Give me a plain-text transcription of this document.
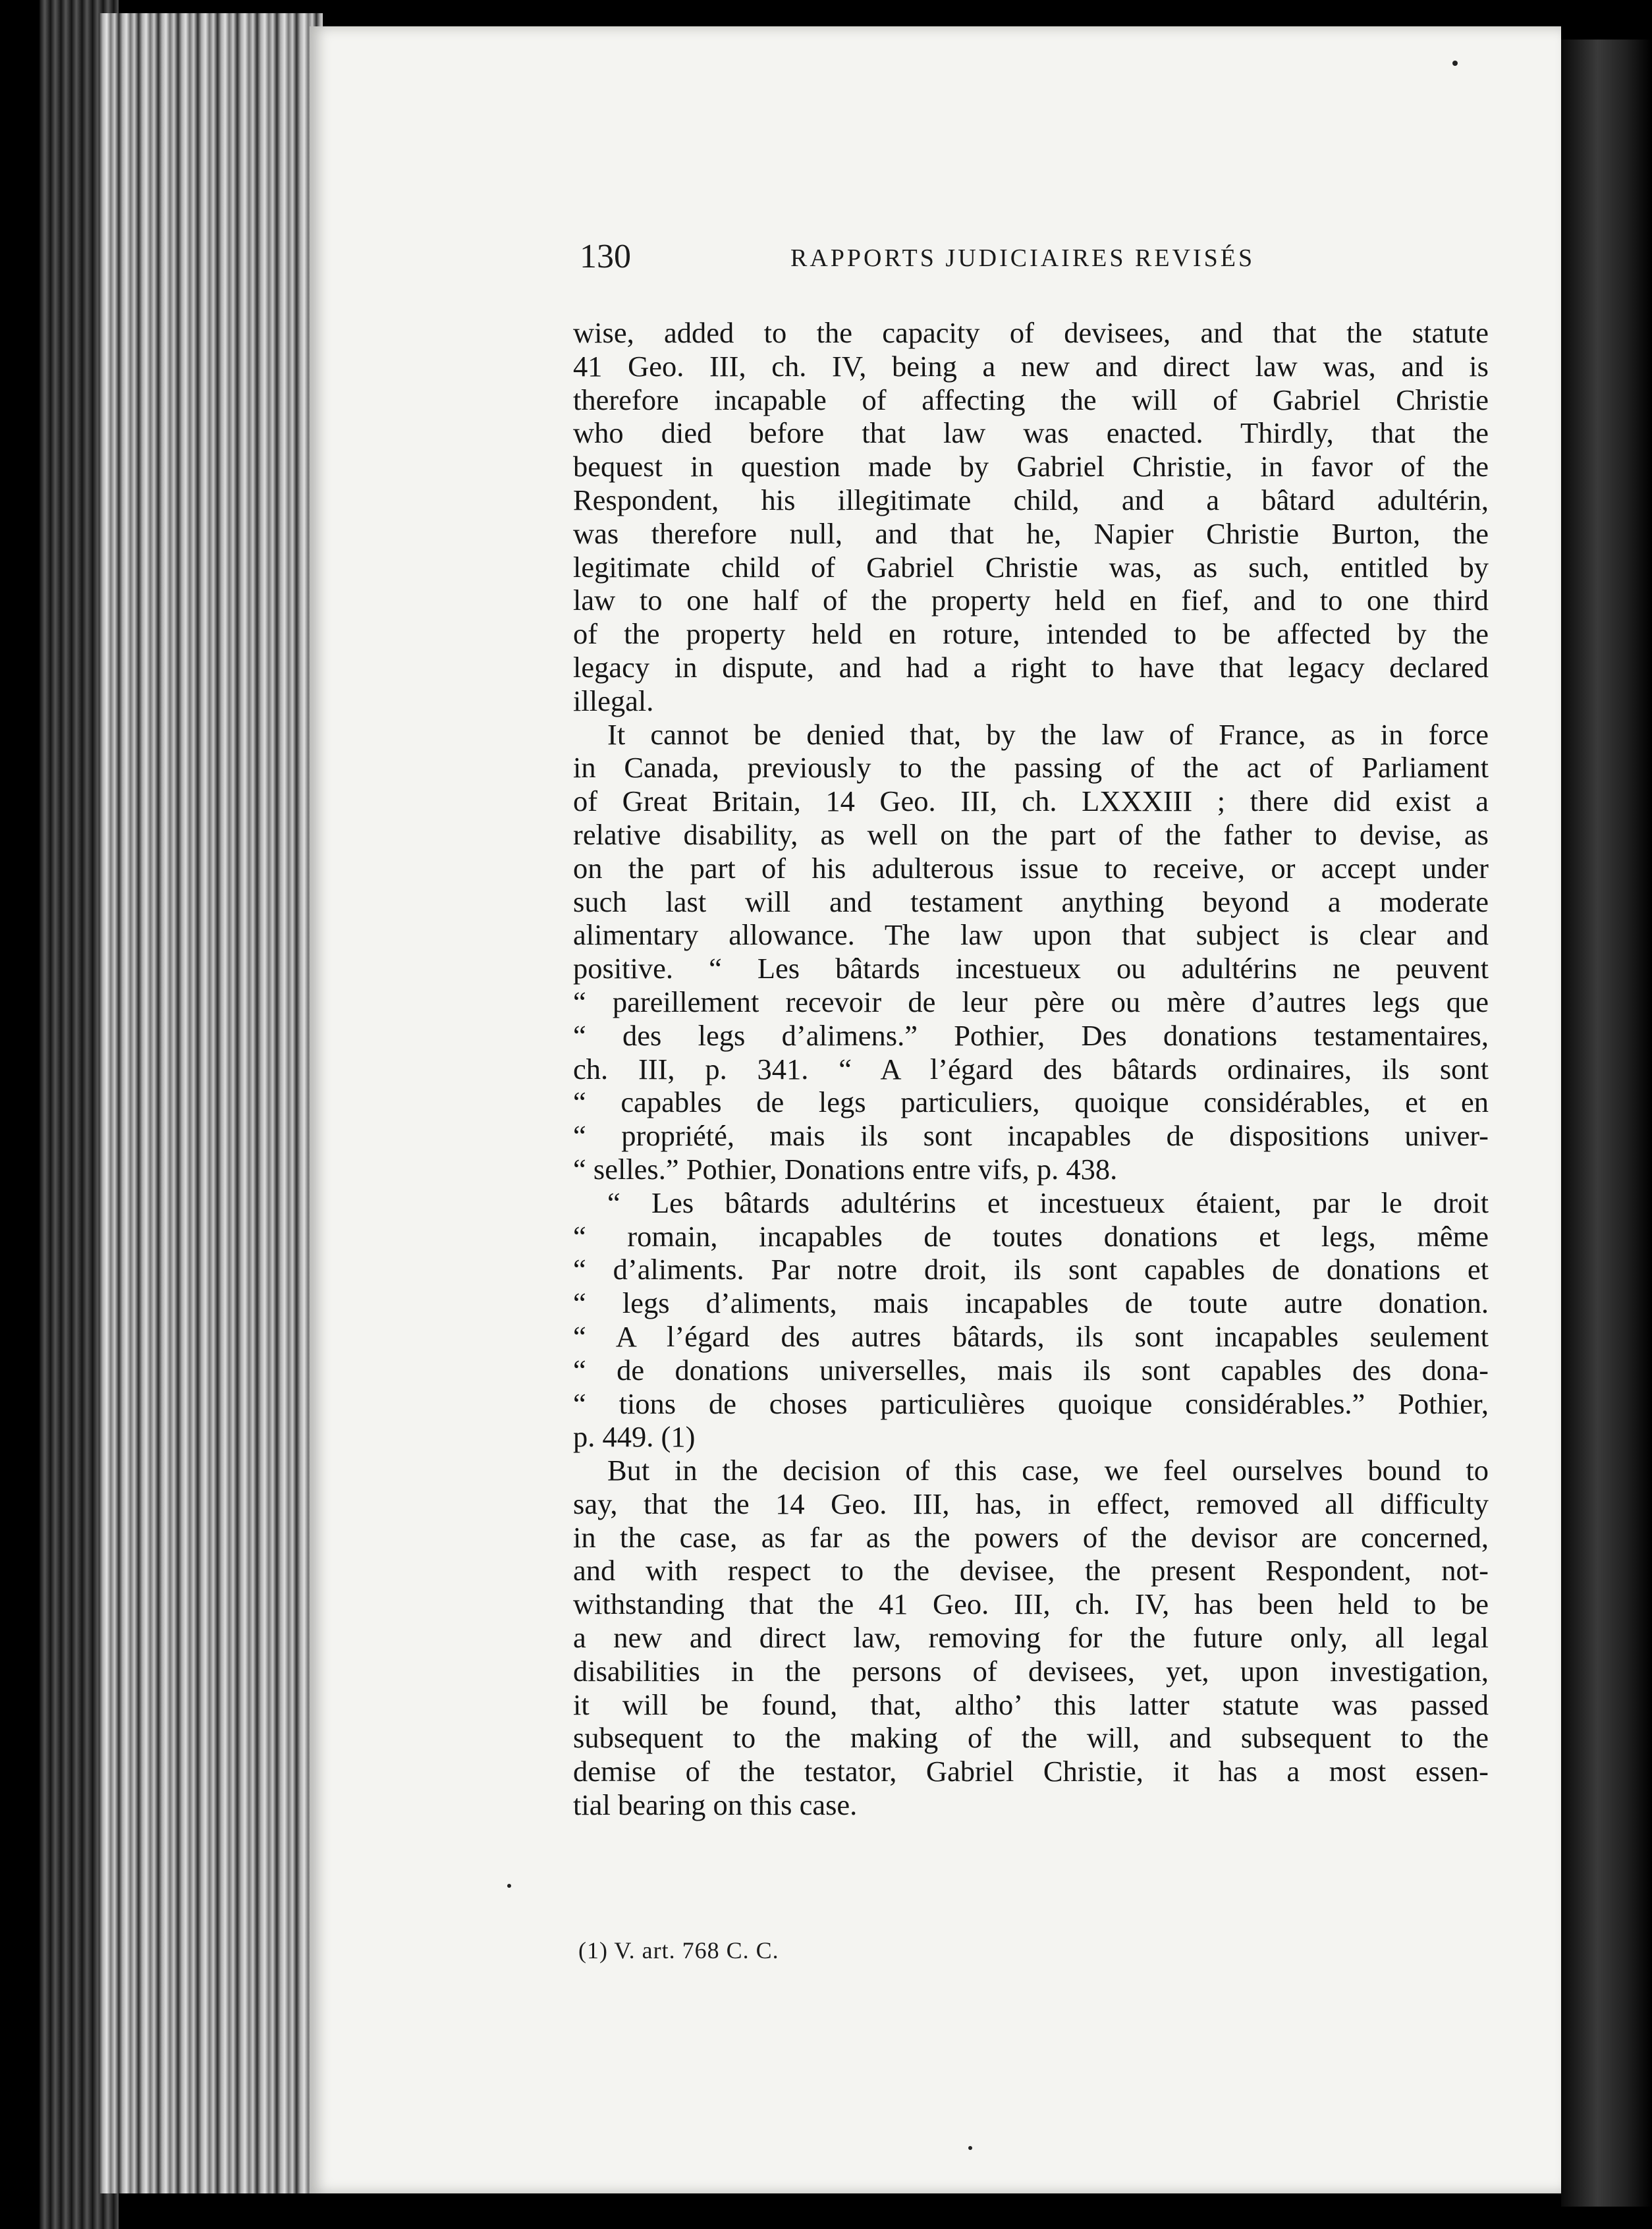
130	RAPPORTS JUDICIAIRES REVISÉS
wise, added to the capacity of devisees, and that the statute
41 Geo. III, ch. IV, being a new and direct law was, and is
therefore incapable of affecting the will of Gabriel Christie
who died before that law was enacted. Thirdly, that the
bequest in question made by Gabriel Christie, in favor of the
Respondent, his illegitimate child, and a bâtard adultérin,
was therefore null, and that he, Napier Christie Burton, the
legitimate child of Gabriel Christie was, as such, entitled by
law to one half of the property held en fief, and to one third
of the property held en roture, intended to be affected by the
legacy in dispute, and had a right to have that legacy declared
illegal.
It cannot be denied that, by the law of France, as in force
in Canada, previously to the passing of the act of Parliament
of Great Britain, 14 Geo. III, ch. LXXXIII ; there did exist a
relative disability, as well on the part of the father to devise, as
on the part of his adulterous issue to receive, or accept under
such last will and testament anything beyond a moderate
alimentary allowance. The law upon that subject is clear and
positive. “ Les bâtards incestueux ou adultérins ne peuvent
“ pareillement recevoir de leur père ou mère d’autres legs que
“ des legs d’alimens.” Pothier, Des donations testamentaires,
ch. III, p. 341. “ A l’égard des bâtards ordinaires, ils sont
“ capables de legs particuliers, quoique considérables, et en
“ propriété, mais ils sont incapables de dispositions univer-
“ selles.” Pothier, Donations entre vifs, p. 438.
“ Les bâtards adultérins et incestueux étaient, par le droit
“ romain, incapables de toutes donations et legs, même
“ d’aliments. Par notre droit, ils sont capables de donations et
“ legs d’aliments, mais incapables de toute autre donation.
“ A l’égard des autres bâtards, ils sont incapables seulement
“ de donations universelles, mais ils sont capables des dona-
“ tions de choses particulières quoique considérables.” Pothier,
p. 449. (1)
But in the decision of this case, we feel ourselves bound to
say, that the 14 Geo. III, has, in effect, removed all difficulty
in the case, as far as the powers of the devisor are concerned,
and with respect to the devisee, the present Respondent, not-
withstanding that the 41 Geo. III, ch. IV, has been held to be
a new and direct law, removing for the future only, all legal
disabilities in the persons of devisees, yet, upon investigation,
it will be found, that, altho’ this latter statute was passed
subsequent to the making of the will, and subsequent to the
demise of the testator, Gabriel Christie, it has a most essen-
tial bearing on this case.
(1) V. art. 768 C. C.
